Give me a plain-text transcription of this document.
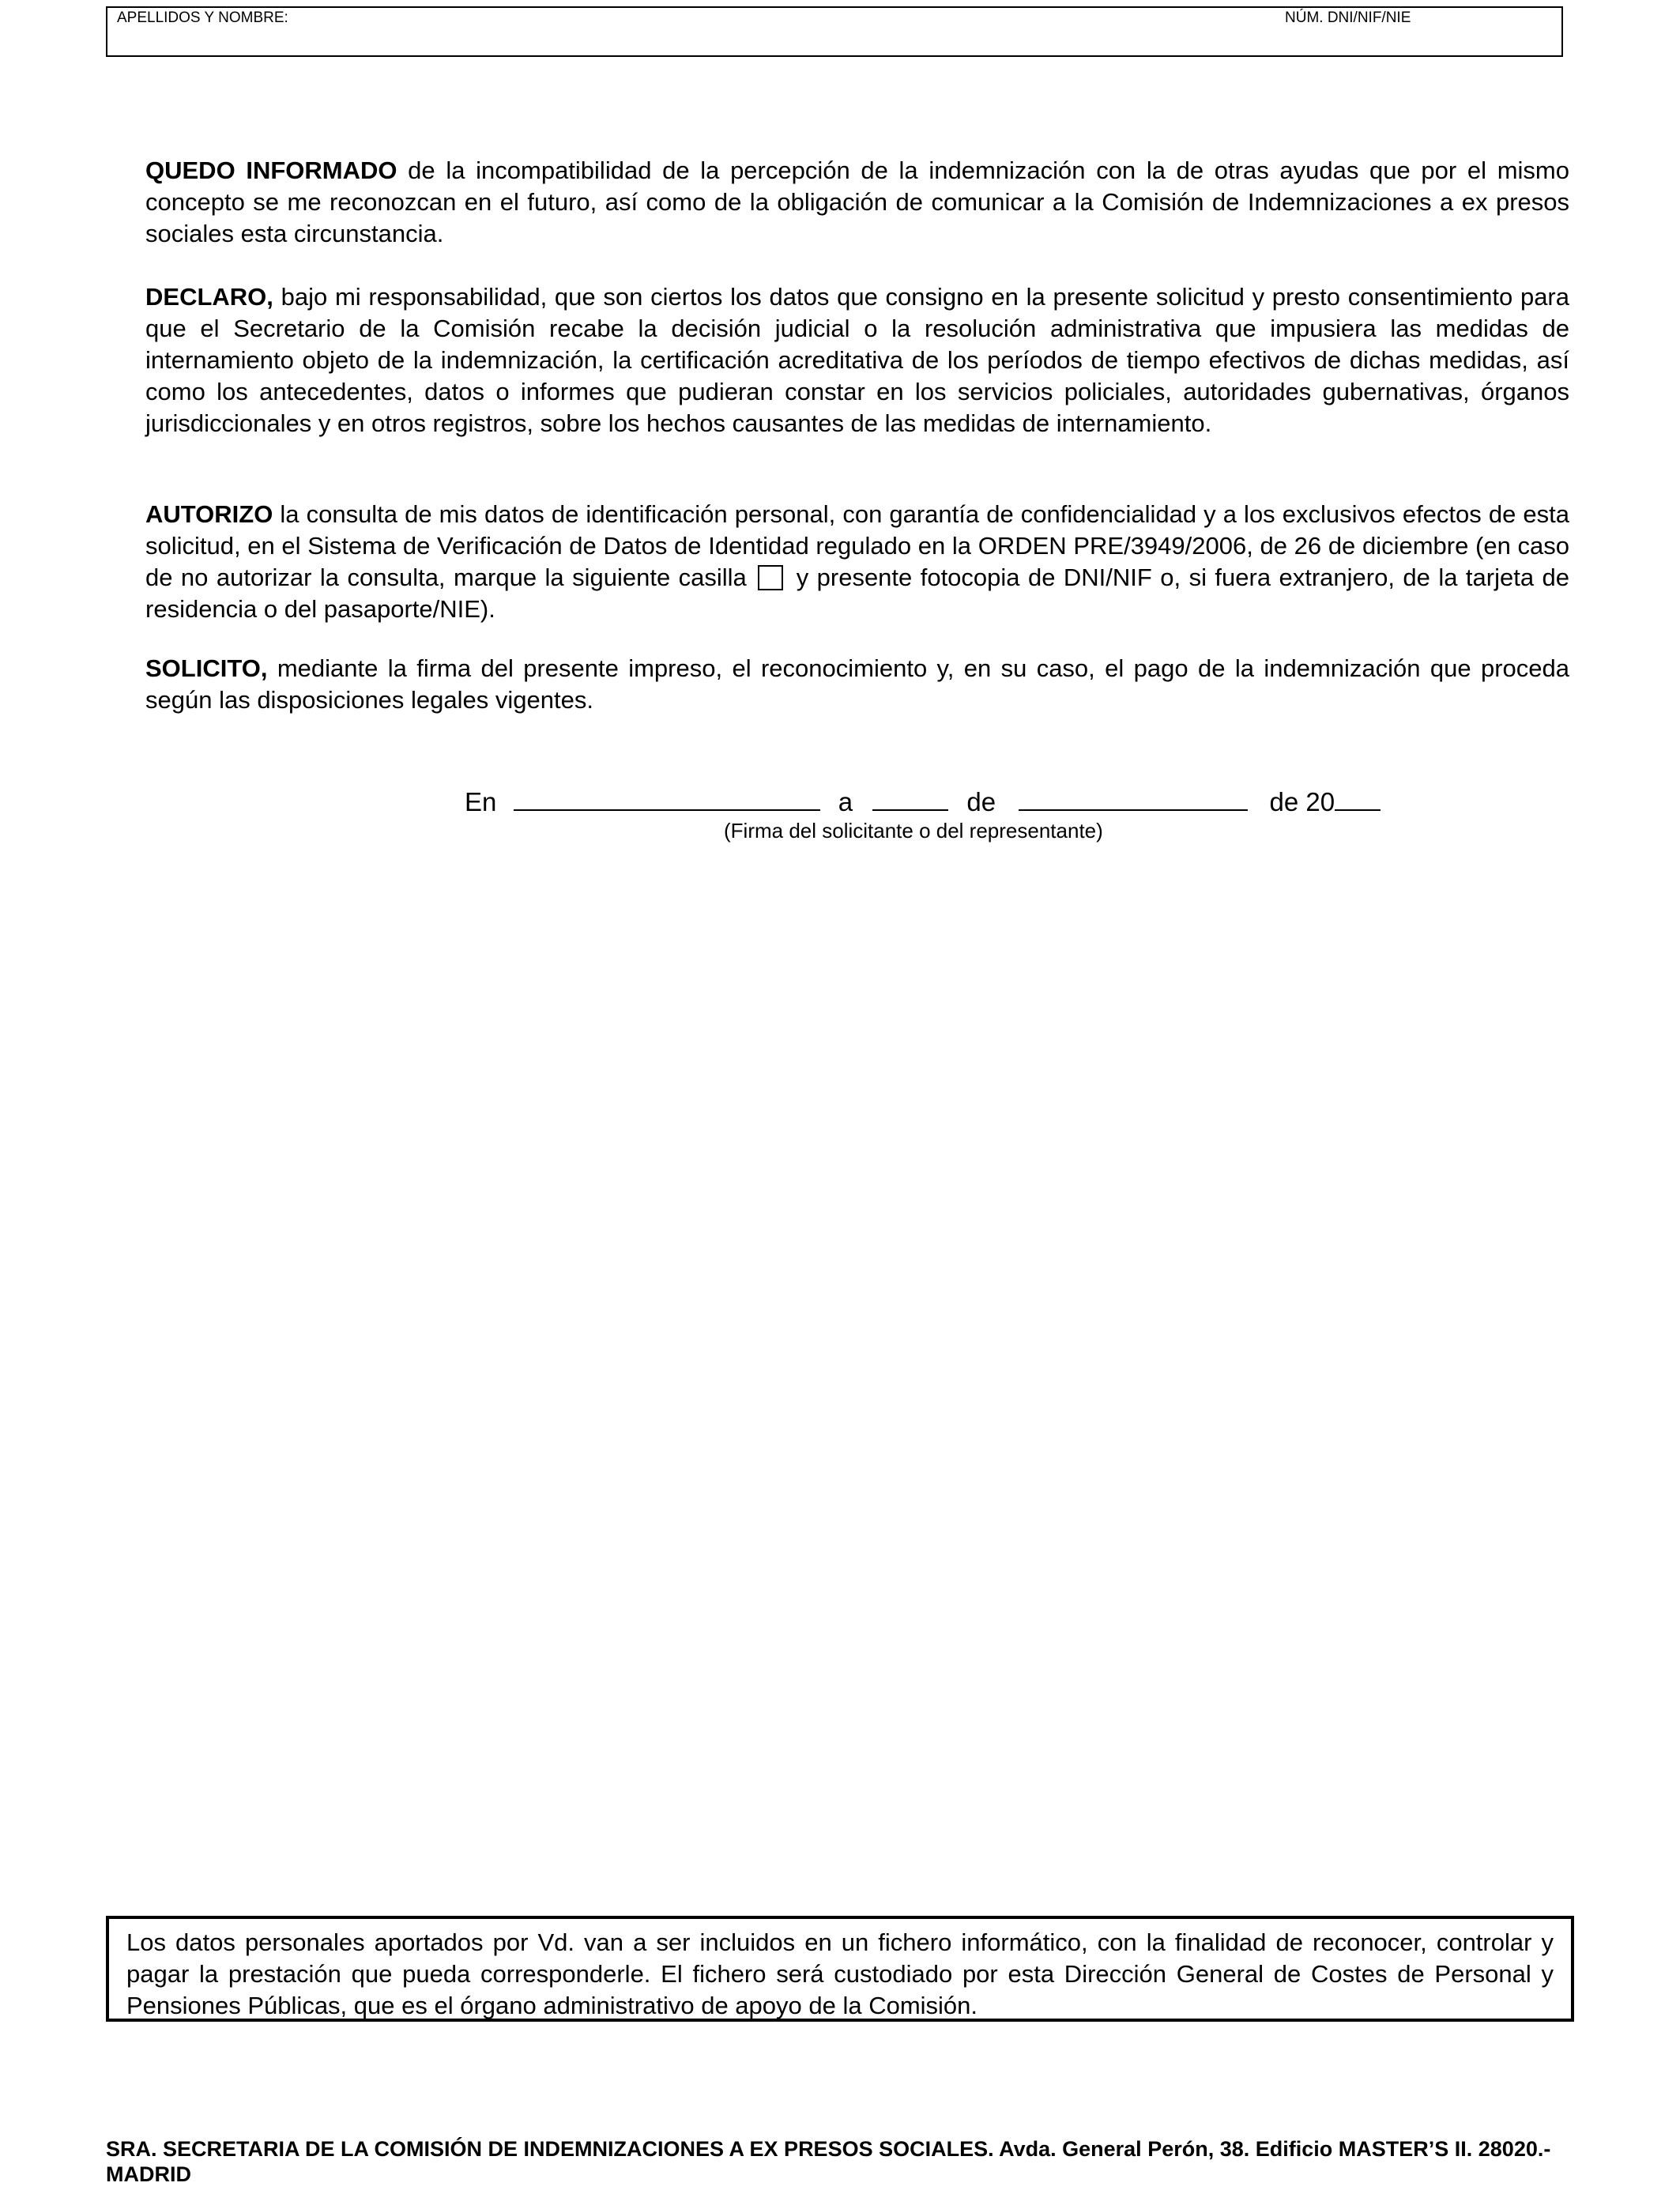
APELLIDOS Y NOMBRE:	NÚM. DNI/NIF/NIE

QUEDO INFORMADO de la incompatibilidad de la percepción de la indemnización con la de otras ayudas que por el mismo concepto se me reconozcan en el futuro, así como de la obligación de comunicar a la Comisión de Indemnizaciones a ex presos sociales esta circunstancia.

DECLARO, bajo mi responsabilidad, que son ciertos los datos que consigno en la presente solicitud y presto consentimiento para que el Secretario de la Comisión recabe la decisión judicial o la resolución administrativa que impusiera las medidas de internamiento objeto de la indemnización, la certificación acreditativa de los períodos de tiempo efectivos de dichas medidas, así como los antecedentes, datos o informes que pudieran constar en los servicios policiales, autoridades gubernativas, órganos jurisdiccionales y en otros registros, sobre los hechos causantes de las medidas de internamiento.

AUTORIZO la consulta de mis datos de identificación personal, con garantía de confidencialidad y a los exclusivos efectos de esta solicitud, en el Sistema de Verificación de Datos de Identidad regulado en la ORDEN PRE/3949/2006, de 26 de diciembre (en caso de no autorizar la consulta, marque la siguiente casilla  y presente fotocopia de DNI/NIF o, si fuera extranjero, de la tarjeta de residencia o del pasaporte/NIE).

SOLICITO, mediante la firma del presente impreso, el reconocimiento y, en su caso, el pago de la indemnización que proceda según las disposiciones legales vigentes.

En	a	de	de 20
(Firma del solicitante o del representante)

Los datos personales aportados por Vd. van a ser incluidos en un fichero informático, con la finalidad de reconocer, controlar y pagar la prestación que pueda corresponderle. El fichero será custodiado por esta Dirección General de Costes de Personal y Pensiones Públicas, que es el órgano administrativo de apoyo de la Comisión.

SRA. SECRETARIA DE LA COMISIÓN DE INDEMNIZACIONES A EX PRESOS SOCIALES. Avda. General Perón, 38. Edificio MASTER’S II. 28020.- MADRID
